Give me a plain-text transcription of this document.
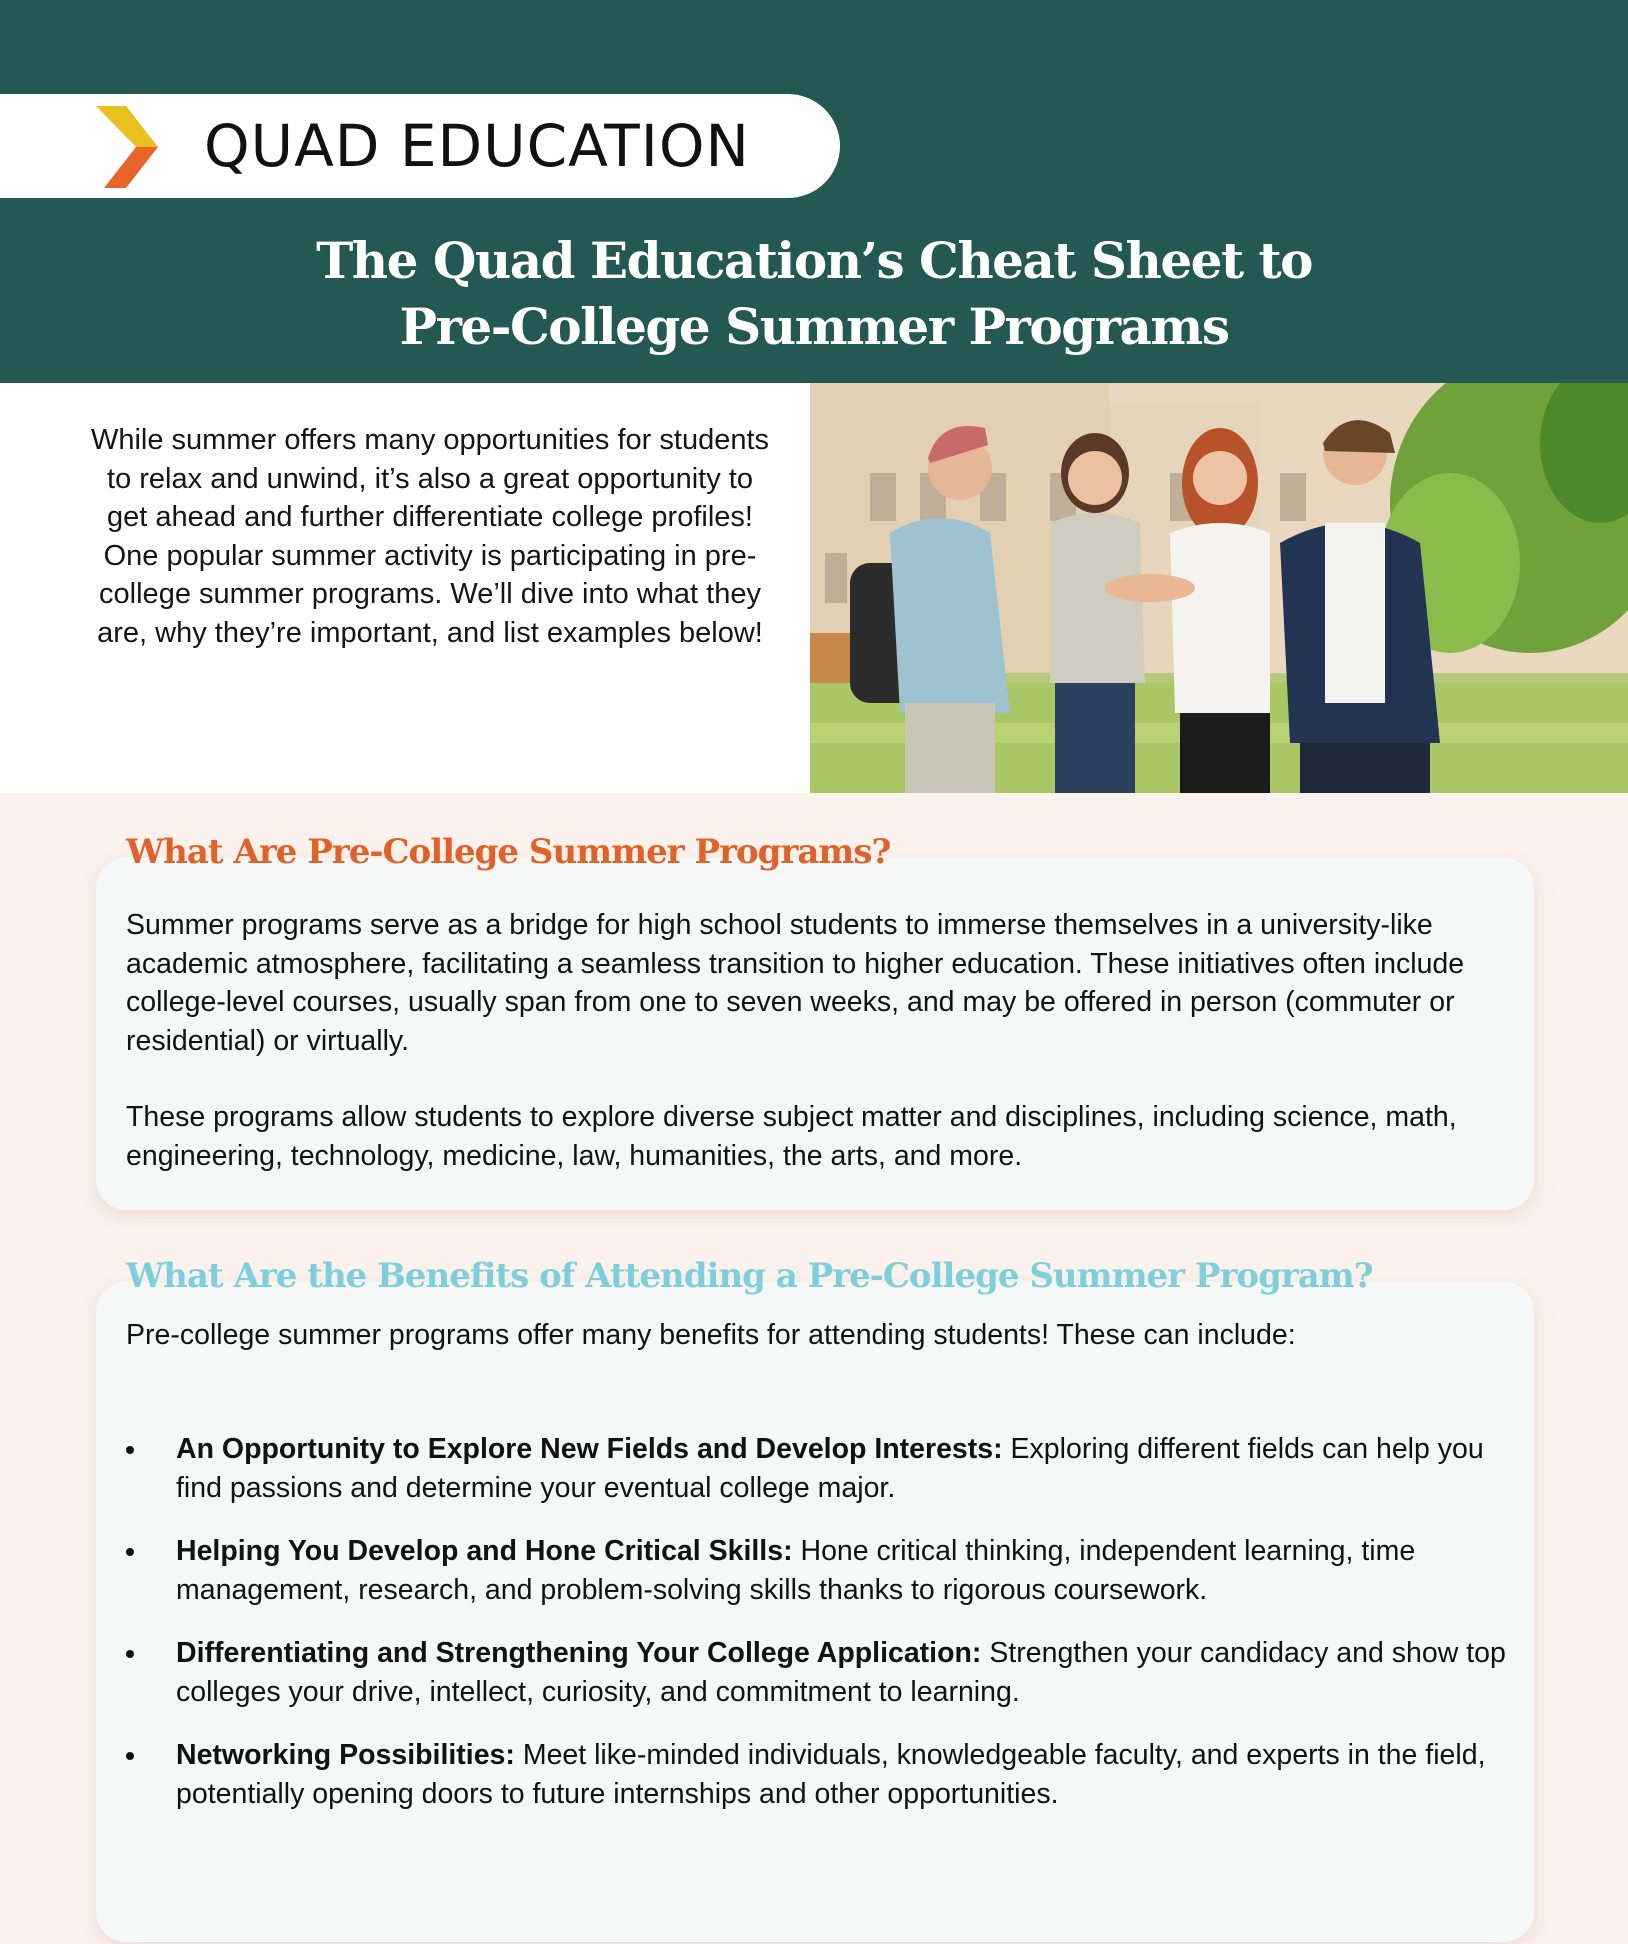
QUAD EDUCATION
The Quad Education’s Cheat Sheet to
Pre-College Summer Programs
While summer offers many opportunities for students to relax and unwind, it’s also a great opportunity to get ahead and further differentiate college profiles! One popular summer activity is participating in pre-college summer programs. We’ll dive into what they are, why they’re important, and list examples below!
Summer programs serve as a bridge for high school students to immerse themselves in a university-like academic atmosphere, facilitating a seamless transition to higher education. These initiatives often include college-level courses, usually span from one to seven weeks, and may be offered in person (commuter or residential) or virtually.
These programs allow students to explore diverse subject matter and disciplines, including science, math, engineering, technology, medicine, law, humanities, the arts, and more.
What Are Pre-College Summer Programs?
Pre-college summer programs offer many benefits for attending students! These can include:
An Opportunity to Explore New Fields and Develop Interests: Exploring different fields can help you find passions and determine your eventual college major.
Helping You Develop and Hone Critical Skills: Hone critical thinking, independent learning, time management, research, and problem-solving skills thanks to rigorous coursework.
Differentiating and Strengthening Your College Application: Strengthen your candidacy and show top colleges your drive, intellect, curiosity, and commitment to learning.
Networking Possibilities: Meet like-minded individuals, knowledgeable faculty, and experts in the field, potentially opening doors to future internships and other opportunities.
What Are the Benefits of Attending a Pre-College Summer Program?
